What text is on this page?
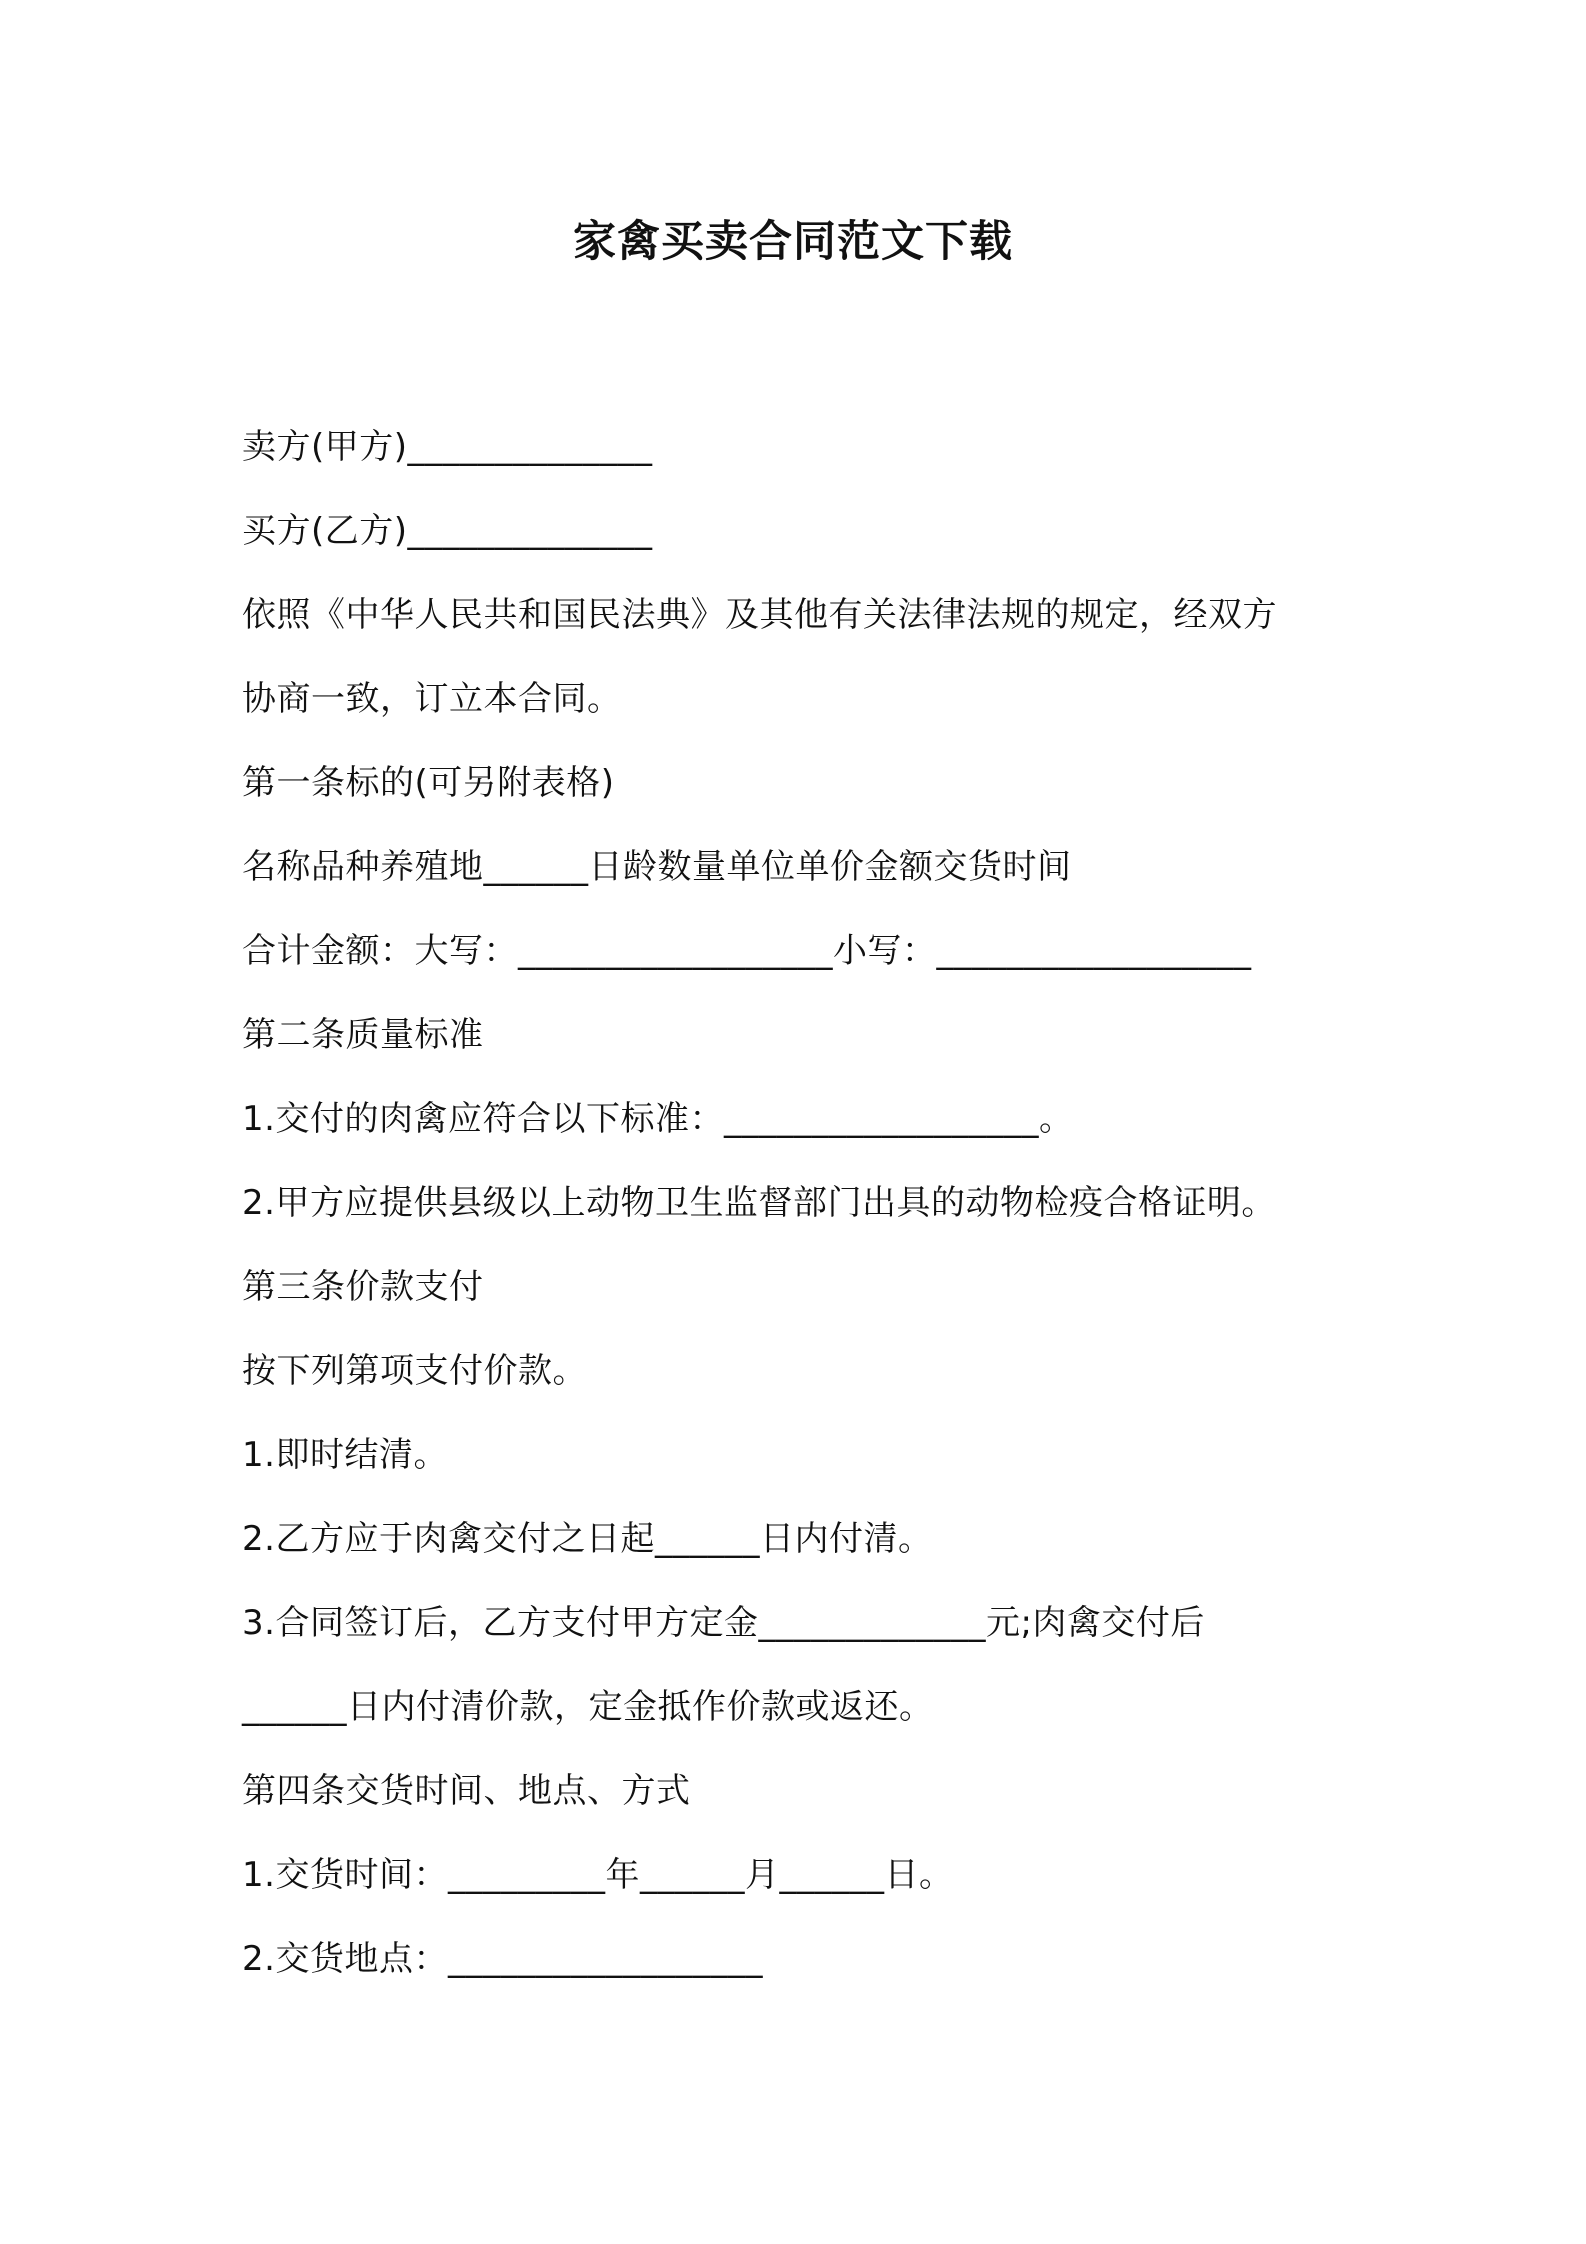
家禽买卖合同范文下载
卖方(甲方)______________
买方(乙方)______________
依照《中华人民共和国民法典》及其他有关法律法规的规定，经双方
协商一致，订立本合同。
第一条标的(可另附表格)
名称品种养殖地______日龄数量单位单价金额交货时间
合计金额：大写：__________________小写：__________________
第二条质量标准
1.交付的肉禽应符合以下标准：__________________。
2.甲方应提供县级以上动物卫生监督部门出具的动物检疫合格证明。
第三条价款支付
按下列第项支付价款。
1.即时结清。
2.乙方应于肉禽交付之日起______日内付清。
3.合同签订后，乙方支付甲方定金_____________元;肉禽交付后
______日内付清价款，定金抵作价款或返还。
第四条交货时间、地点、方式
1.交货时间：_________年______月______日。
2.交货地点：__________________
